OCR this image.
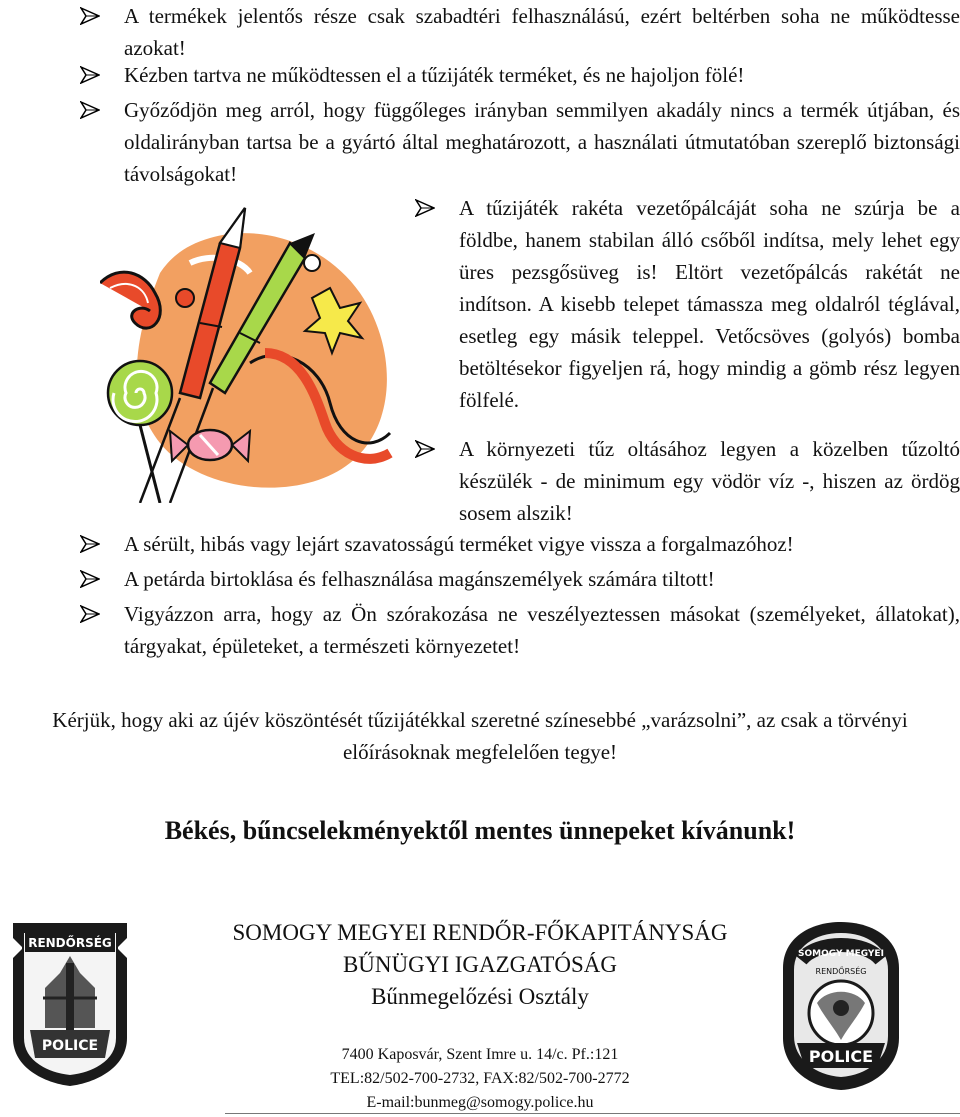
A termékek jelentős része csak szabadtéri felhasználású, ezért beltérben soha ne működtesse azokat!
Kézben tartva ne működtessen el a tűzijáték terméket, és ne hajoljon fölé!
Győződjön meg arról, hogy függőleges irányban semmilyen akadály nincs a termék útjában, és oldalirányban tartsa be a gyártó által meghatározott, a használati útmutatóban szereplő biztonsági távolságokat!
A tűzijáték rakéta vezetőpálcáját soha ne szúrja be a földbe, hanem stabilan álló csőből indítsa, mely lehet egy üres pezsgősüveg is! Eltört vezetőpálcás rakétát ne indítson. A kisebb telepet támassza meg oldalról téglával, esetleg egy másik teleppel. Vetőcsöves (golyós) bomba betöltésekor figyeljen rá, hogy mindig a gömb rész legyen fölfelé.
A környezeti tűz oltásához legyen a közelben tűzoltó készülék - de minimum egy vödör víz -, hiszen az ördög sosem alszik!
A sérült, hibás vagy lejárt szavatosságú terméket vigye vissza a forgalmazóhoz!
A petárda birtoklása és felhasználása magánszemélyek számára tiltott!
Vigyázzon arra, hogy az Ön szórakozása ne veszélyeztessen másokat (személyeket, állatokat), tárgyakat, épületeket, a természeti környezetet!
Kérjük, hogy aki az újév köszöntését tűzijátékkal szeretné színesebbé „varázsolni”, az csak a törvényi előírásoknak megfelelően tegye!
Békés, bűncselekményektől mentes ünnepeket kívánunk!
RENDŐRSÉG
POLICE
SOMOGY MEGYEI RENDŐR-FŐKAPITÁNYSÁG
BŰNÜGYI IGAZGATÓSÁG
Bűnmegelőzési Osztály
7400 Kaposvár, Szent Imre u. 14/c. Pf.:121
TEL:82/502-700-2732, FAX:82/502-700-2772
E-mail:bunmeg@somogy.police.hu
SOMOGY MEGYEI
RENDŐRSÉG
POLICE
